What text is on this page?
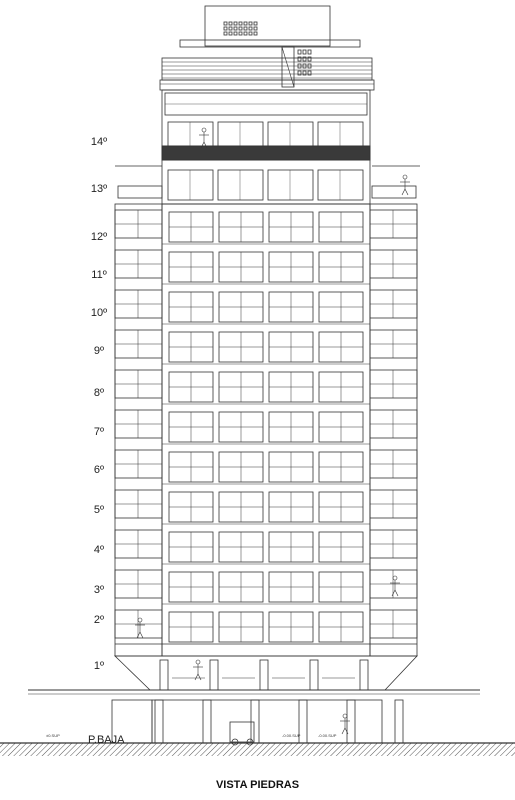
14º
13º
12º
11º
10º
9º
8º
7º
6º
5º
4º
3º
2º
1º
P.BAJA
±0.SUP	-0.00.SUP	-0.00.SUP
VISTA PIEDRAS
